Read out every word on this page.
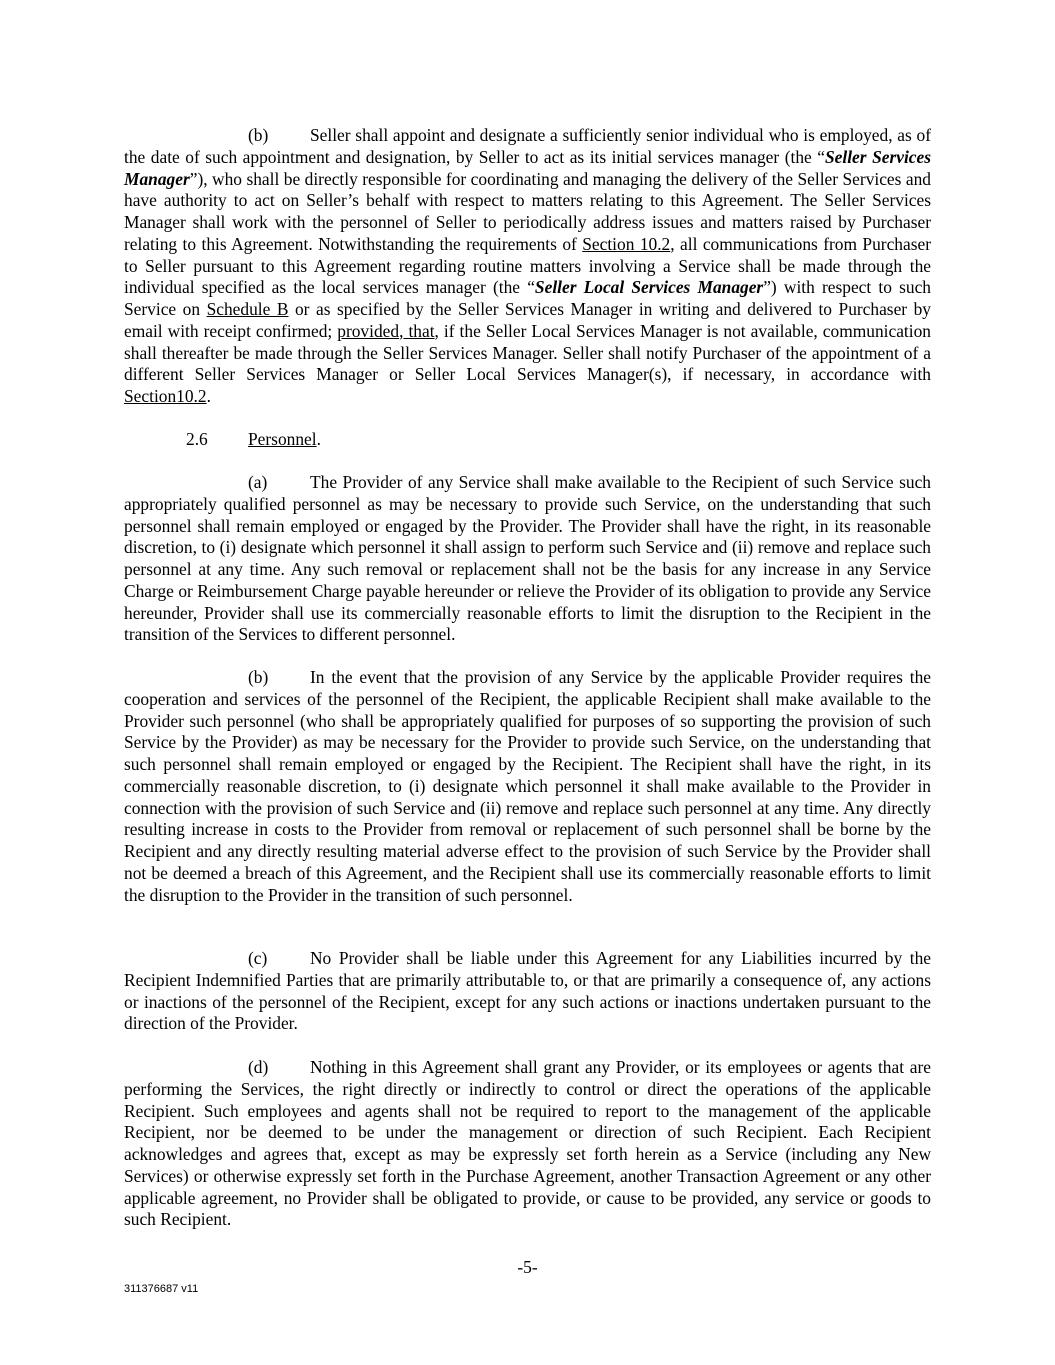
(b) Seller shall appoint and designate a sufficiently senior individual who is employed, as of the date of such appointment and designation, by Seller to act as its initial services manager (the “Seller Services Manager”), who shall be directly responsible for coordinating and managing the delivery of the Seller Services and have authority to act on Seller’s behalf with respect to matters relating to this Agreement. The Seller Services Manager shall work with the personnel of Seller to periodically address issues and matters raised by Purchaser relating to this Agreement. Notwithstanding the requirements of Section 10.2, all communications from Purchaser to Seller pursuant to this Agreement regarding routine matters involving a Service shall be made through the individual specified as the local services manager (the “Seller Local Services Manager”) with respect to such Service on Schedule B or as specified by the Seller Services Manager in writing and delivered to Purchaser by email with receipt confirmed; provided, that, if the Seller Local Services Manager is not available, communication shall thereafter be made through the Seller Services Manager. Seller shall notify Purchaser of the appointment of a different Seller Services Manager or Seller Local Services Manager(s), if necessary, in accordance with Section10.2.

2.6 Personnel.

(a) The Provider of any Service shall make available to the Recipient of such Service such appropriately qualified personnel as may be necessary to provide such Service, on the understanding that such personnel shall remain employed or engaged by the Provider. The Provider shall have the right, in its reasonable discretion, to (i) designate which personnel it shall assign to perform such Service and (ii) remove and replace such personnel at any time. Any such removal or replacement shall not be the basis for any increase in any Service Charge or Reimbursement Charge payable hereunder or relieve the Provider of its obligation to provide any Service hereunder, Provider shall use its commercially reasonable efforts to limit the disruption to the Recipient in the transition of the Services to different personnel.

(b) In the event that the provision of any Service by the applicable Provider requires the cooperation and services of the personnel of the Recipient, the applicable Recipient shall make available to the Provider such personnel (who shall be appropriately qualified for purposes of so supporting the provision of such Service by the Provider) as may be necessary for the Provider to provide such Service, on the understanding that such personnel shall remain employed or engaged by the Recipient. The Recipient shall have the right, in its commercially reasonable discretion, to (i) designate which personnel it shall make available to the Provider in connection with the provision of such Service and (ii) remove and replace such personnel at any time. Any directly resulting increase in costs to the Provider from removal or replacement of such personnel shall be borne by the Recipient and any directly resulting material adverse effect to the provision of such Service by the Provider shall not be deemed a breach of this Agreement, and the Recipient shall use its commercially reasonable efforts to limit the disruption to the Provider in the transition of such personnel.

(c) No Provider shall be liable under this Agreement for any Liabilities incurred by the Recipient Indemnified Parties that are primarily attributable to, or that are primarily a consequence of, any actions or inactions of the personnel of the Recipient, except for any such actions or inactions undertaken pursuant to the direction of the Provider.

(d) Nothing in this Agreement shall grant any Provider, or its employees or agents that are performing the Services, the right directly or indirectly to control or direct the operations of the applicable Recipient. Such employees and agents shall not be required to report to the management of the applicable Recipient, nor be deemed to be under the management or direction of such Recipient. Each Recipient acknowledges and agrees that, except as may be expressly set forth herein as a Service (including any New Services) or otherwise expressly set forth in the Purchase Agreement, another Transaction Agreement or any other applicable agreement, no Provider shall be obligated to provide, or cause to be provided, any service or goods to such Recipient.

-5-
311376687 v11
